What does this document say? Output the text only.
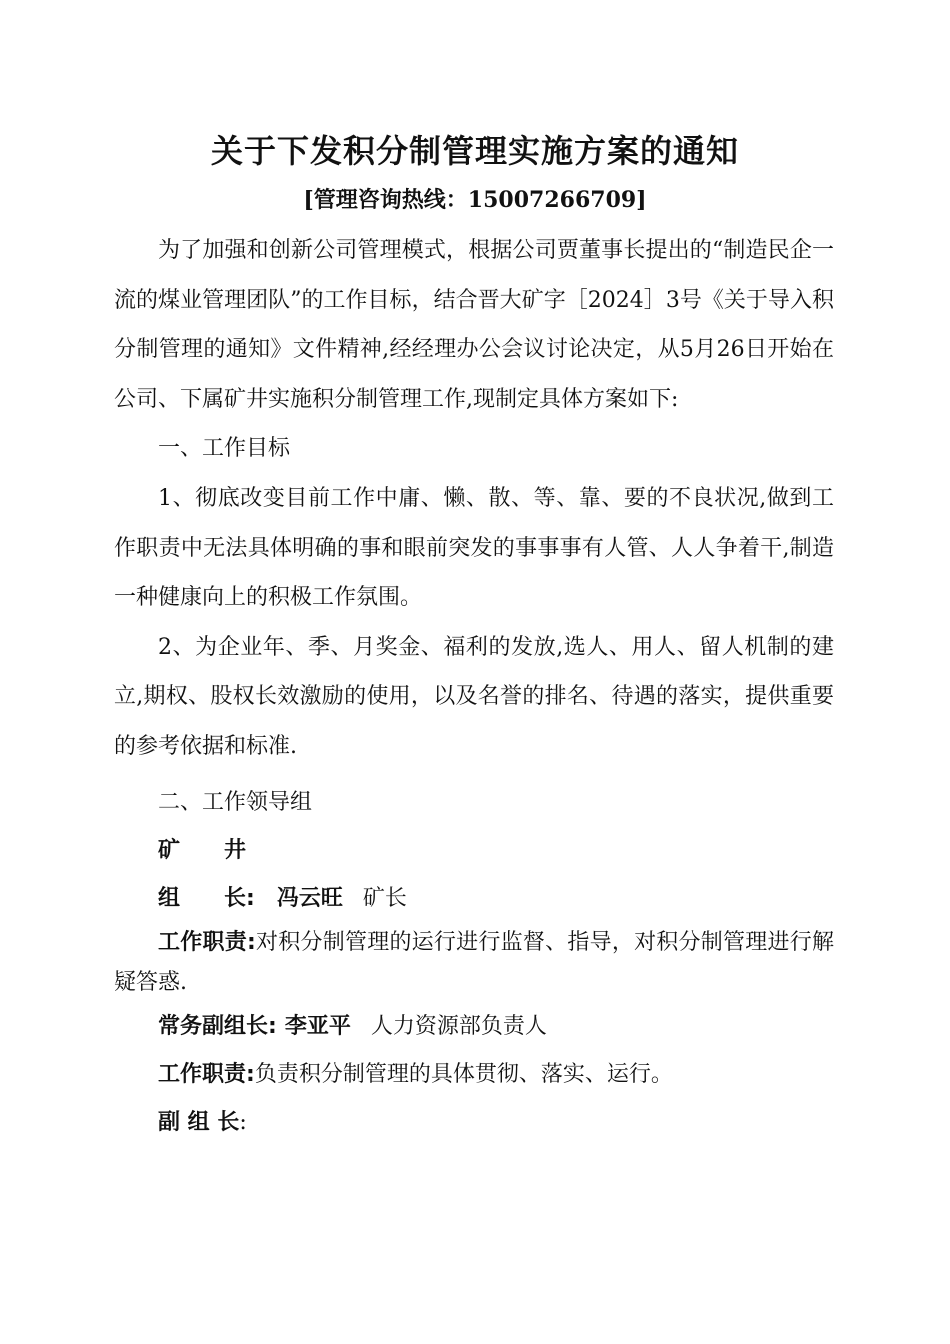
关于下发积分制管理实施方案的通知
[管理咨询热线：15007266709]

为了加强和创新公司管理模式，根据公司贾董事长提出的“制造民企一流的煤业管理团队”的工作目标，结合晋大矿字［2024］3号《关于导入积分制管理的通知》文件精神,经经理办公会议讨论决定，从5月26日开始在公司、下属矿井实施积分制管理工作,现制定具体方案如下:

一、工作目标

1、彻底改变目前工作中庸、懒、散、等、靠、要的不良状况,做到工作职责中无法具体明确的事和眼前突发的事事事有人管、人人争着干,制造一种健康向上的积极工作氛围。

2、为企业年、季、月奖金、福利的发放,选人、用人、留人机制的建立,期权、股权长效激励的使用，以及名誉的排名、待遇的落实，提供重要的参考依据和标准.

二、工作领导组

矿 井

组 长: 冯云旺 矿长

工作职责:对积分制管理的运行进行监督、指导，对积分制管理进行解疑答惑.

常务副组长: 李亚平 人力资源部负责人

工作职责:负责积分制管理的具体贯彻、落实、运行。

副 组 长:
